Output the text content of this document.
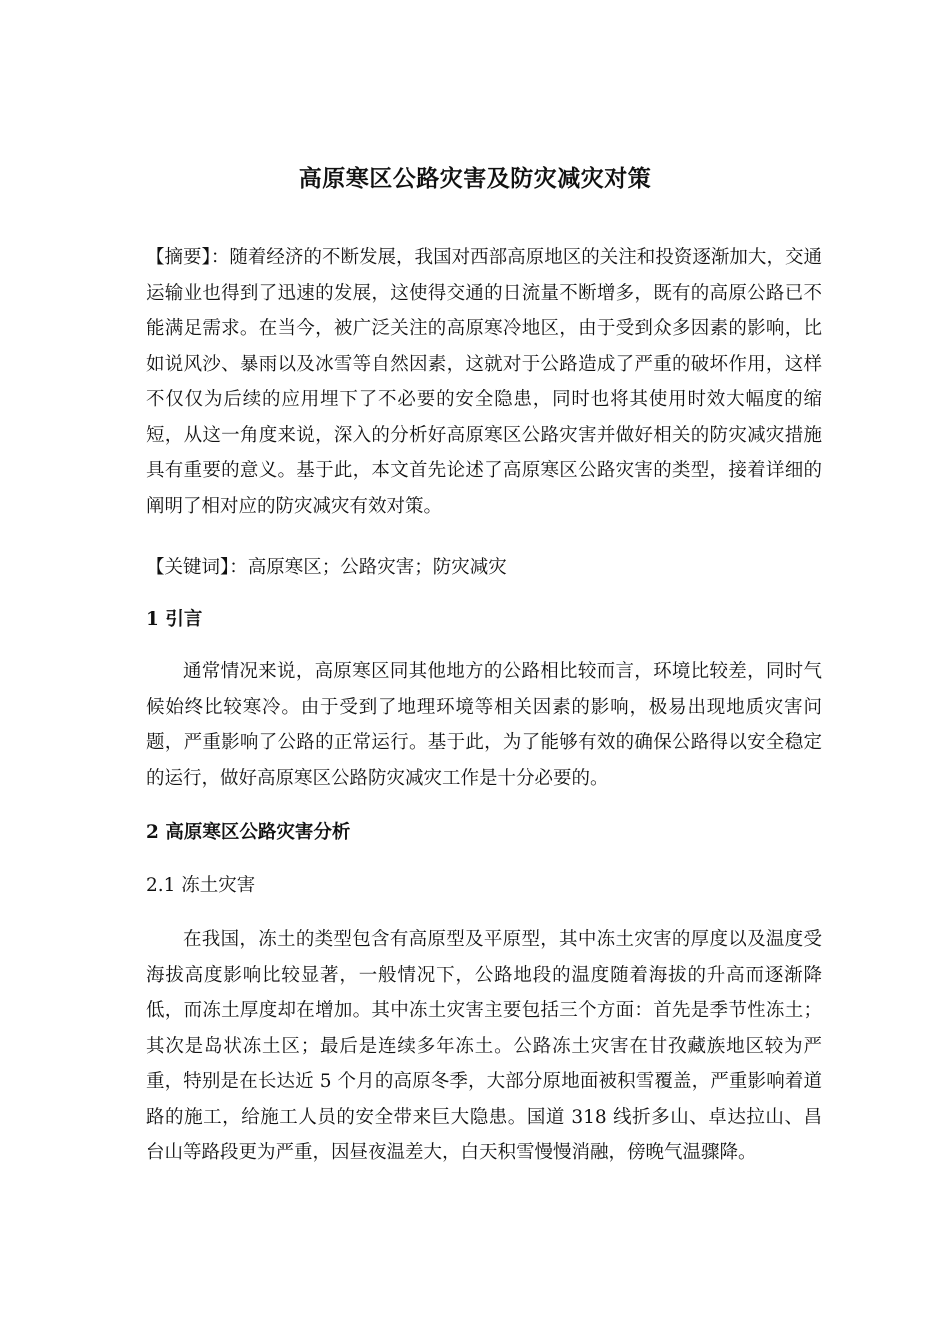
高原寒区公路灾害及防灾减灾对策
【摘要】：随着经济的不断发展，我国对西部高原地区的关注和投资逐渐加大，交通运输业也得到了迅速的发展，这使得交通的日流量不断增多，既有的高原公路已不能满足需求。在当今，被广泛关注的高原寒冷地区，由于受到众多因素的影响，比如说风沙、暴雨以及冰雪等自然因素，这就对于公路造成了严重的破坏作用，这样不仅仅为后续的应用埋下了不必要的安全隐患，同时也将其使用时效大幅度的缩短，从这一角度来说，深入的分析好高原寒区公路灾害并做好相关的防灾减灾措施具有重要的意义。基于此，本文首先论述了高原寒区公路灾害的类型，接着详细的阐明了相对应的防灾减灾有效对策。
【关键词】：高原寒区；公路灾害；防灾减灾
1 引言
通常情况来说，高原寒区同其他地方的公路相比较而言，环境比较差，同时气候始终比较寒冷。由于受到了地理环境等相关因素的影响，极易出现地质灾害问题，严重影响了公路的正常运行。基于此，为了能够有效的确保公路得以安全稳定的运行，做好高原寒区公路防灾减灾工作是十分必要的。
2 高原寒区公路灾害分析
2.1 冻土灾害
在我国，冻土的类型包含有高原型及平原型，其中冻土灾害的厚度以及温度受海拔高度影响比较显著，一般情况下，公路地段的温度随着海拔的升高而逐渐降低，而冻土厚度却在增加。其中冻土灾害主要包括三个方面：首先是季节性冻土；其次是岛状冻土区；最后是连续多年冻土。公路冻土灾害在甘孜藏族地区较为严重，特别是在长达近 5 个月的高原冬季，大部分原地面被积雪覆盖，严重影响着道路的施工，给施工人员的安全带来巨大隐患。国道 318 线折多山、卓达拉山、昌台山等路段更为严重，因昼夜温差大，白天积雪慢慢消融，傍晚气温骤降。
